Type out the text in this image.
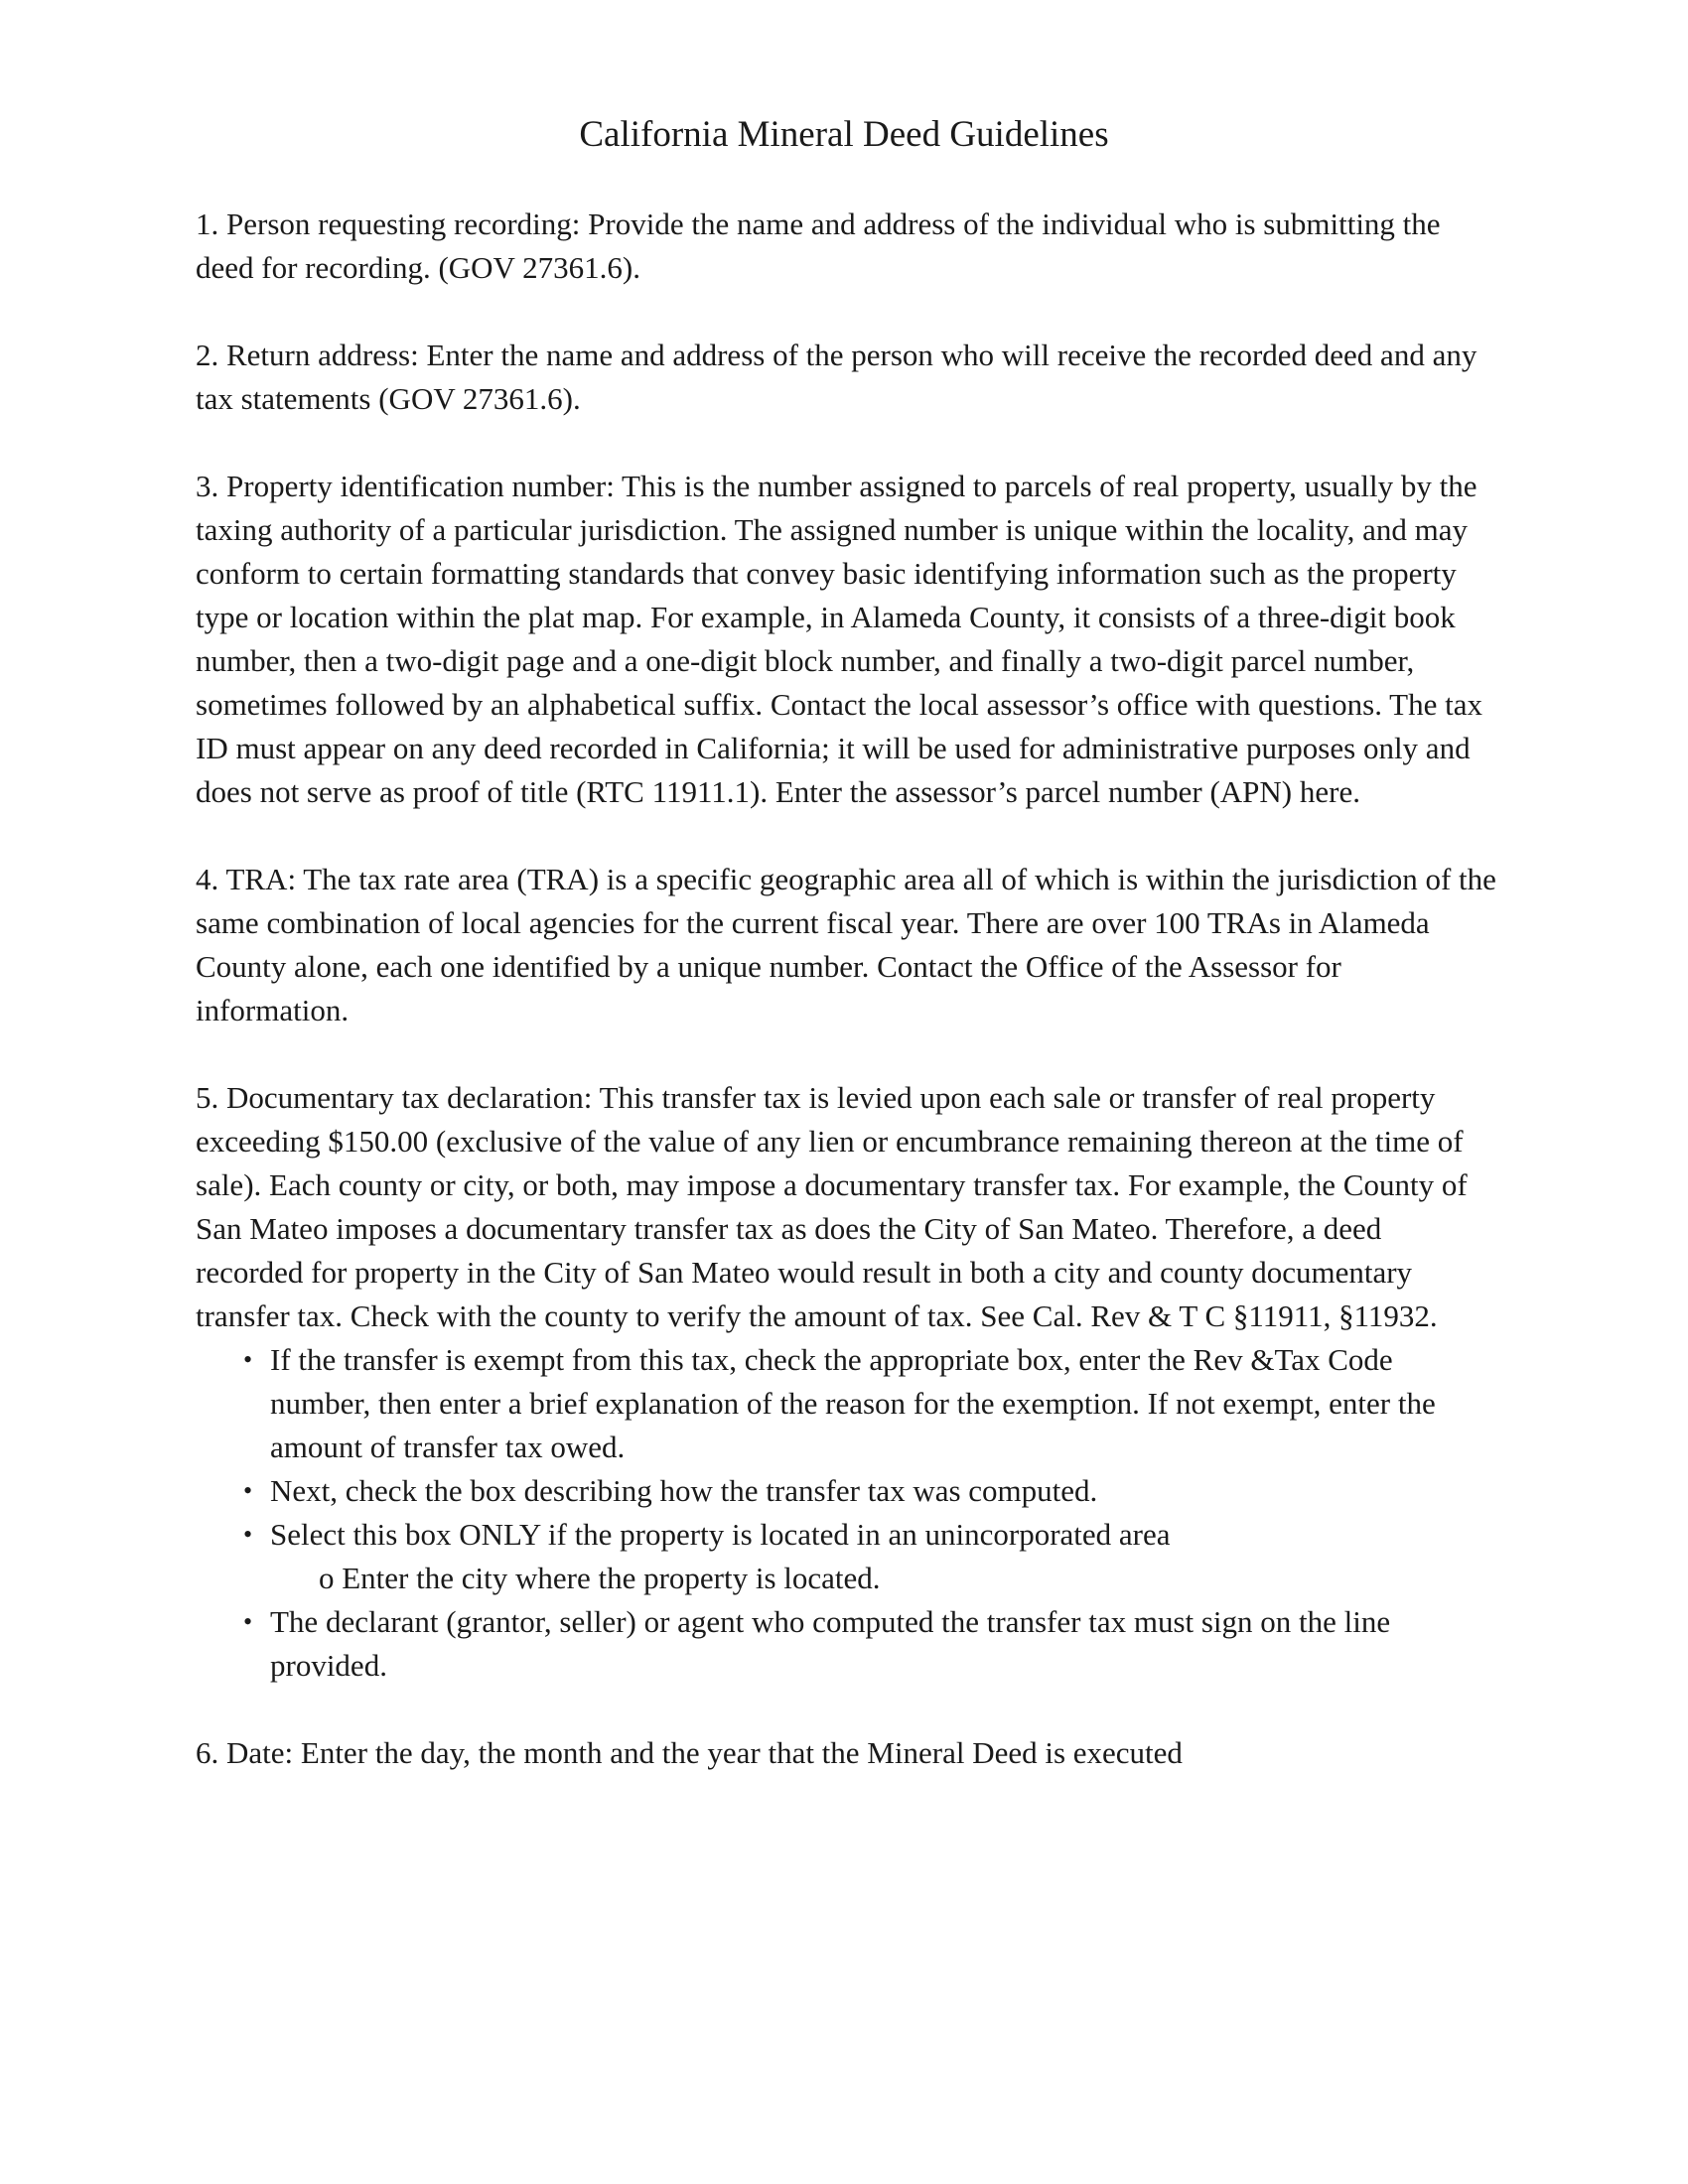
California Mineral Deed Guidelines

1. Person requesting recording: Provide the name and address of the individual who is submitting the deed for recording. (GOV 27361.6).

2. Return address: Enter the name and address of the person who will receive the recorded deed and any tax statements (GOV 27361.6).

3. Property identification number: This is the number assigned to parcels of real property, usually by the taxing authority of a particular jurisdiction. The assigned number is unique within the locality, and may conform to certain formatting standards that convey basic identifying information such as the property type or location within the plat map. For example, in Alameda County, it consists of a three-digit book number, then a two-digit page and a one-digit block number, and finally a two-digit parcel number, sometimes followed by an alphabetical suffix. Contact the local assessor’s office with questions. The tax ID must appear on any deed recorded in California; it will be used for administrative purposes only and does not serve as proof of title (RTC 11911.1). Enter the assessor’s parcel number (APN) here.

4. TRA: The tax rate area (TRA) is a specific geographic area all of which is within the jurisdiction of the same combination of local agencies for the current fiscal year. There are over 100 TRAs in Alameda County alone, each one identified by a unique number. Contact the Office of the Assessor for information.

5. Documentary tax declaration: This transfer tax is levied upon each sale or transfer of real property exceeding $150.00 (exclusive of the value of any lien or encumbrance remaining thereon at the time of sale). Each county or city, or both, may impose a documentary transfer tax. For example, the County of San Mateo imposes a documentary transfer tax as does the City of San Mateo. Therefore, a deed recorded for property in the City of San Mateo would result in both a city and county documentary transfer tax. Check with the county to verify the amount of tax. See Cal. Rev & T C §11911, §11932.

• If the transfer is exempt from this tax, check the appropriate box, enter the Rev &Tax Code number, then enter a brief explanation of the reason for the exemption. If not exempt, enter the amount of transfer tax owed.
• Next, check the box describing how the transfer tax was computed.
• Select this box ONLY if the property is located in an unincorporated area
o Enter the city where the property is located.
• The declarant (grantor, seller) or agent who computed the transfer tax must sign on the line provided.

6. Date: Enter the day, the month and the year that the Mineral Deed is executed
